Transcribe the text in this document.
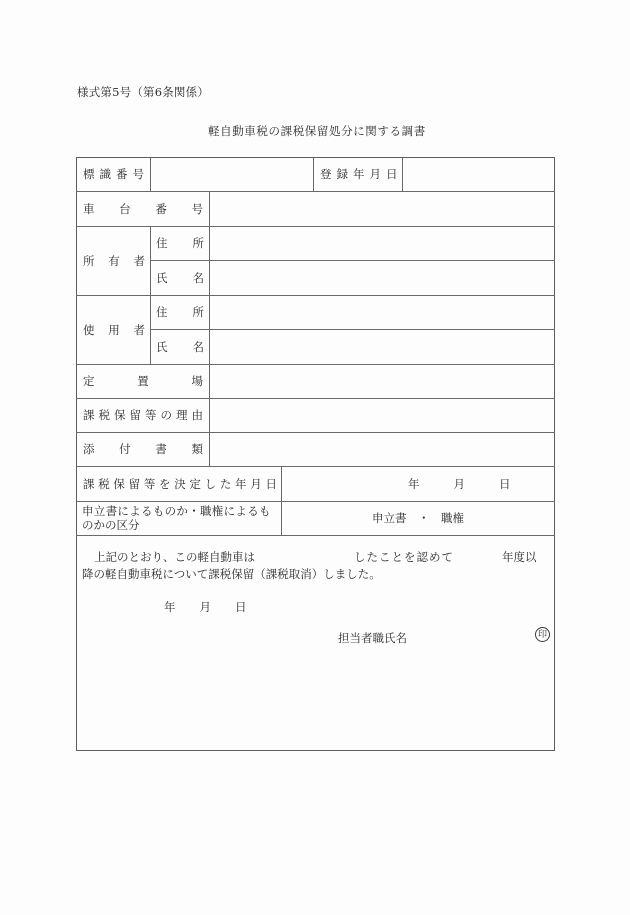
様式第5号（第6条関係）
軽自動車税の課税保留処分に関する調書
標識番号	登録年月日
車 台 番 号
所 有 者
住 所
氏 名
使 用 者
住 所
氏 名
定	置	場
課 税 保 留 等 の 理 由
添 付 書 類
課 税 保 留 等 を 決 定 し た 年 月 日	年	月	日
申立書によるものか・職権によるも
のかの区分	申立書　・　職権
上記のとおり、この軽自動車は	したことを認めて	年度以
降の軽自動車税について課税保留（課税取消）しました。
年 月 日
担当者職氏名	印
